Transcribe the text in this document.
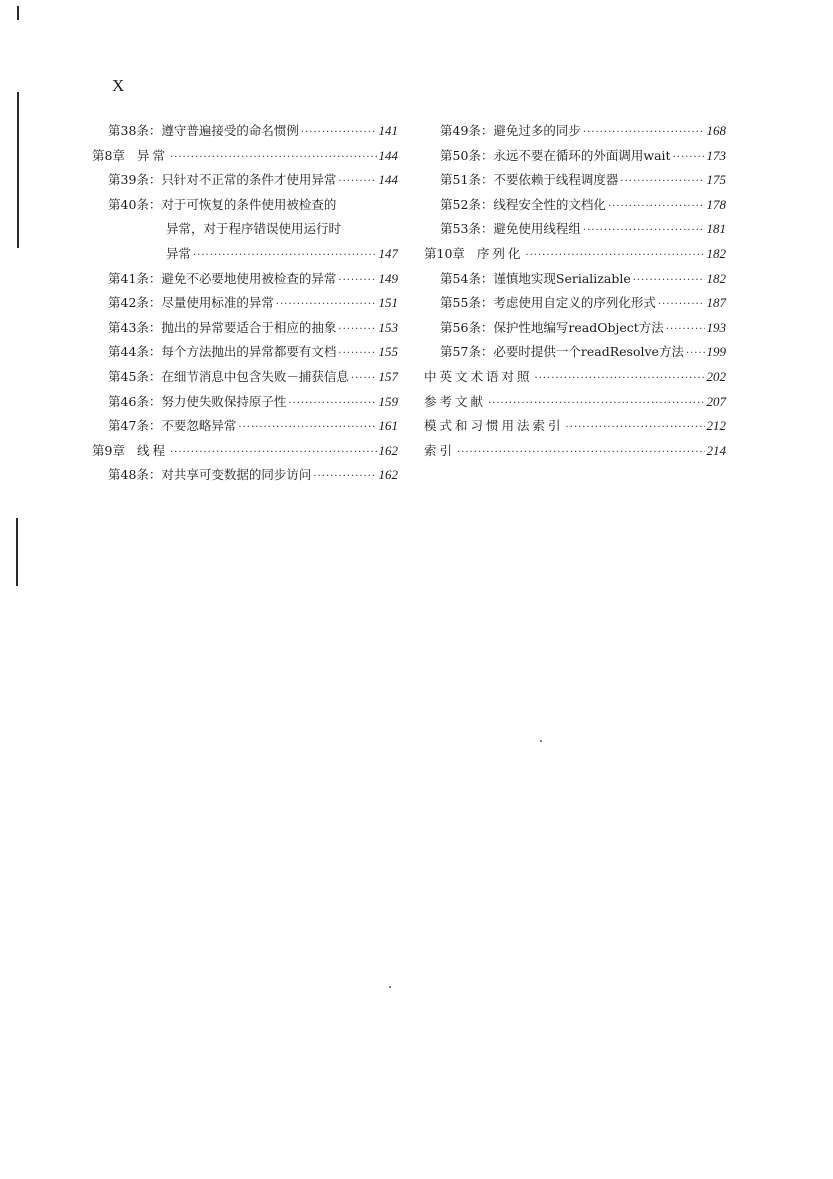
X
第38条： 遵守普遍接受的命名惯例 ·····	141
第8章 异常 ·····	144
第39条： 只针对不正常的条件才使用异常 ·····	144
第40条： 对于可恢复的条件使用被检查的
异常，对于程序错误使用运行时
异常 ·····	147
第41条： 避免不必要地使用被检查的异常 ·····	149
第42条： 尽量使用标准的异常 ·····	151
第43条： 抛出的异常要适合于相应的抽象 ·····	153
第44条： 每个方法抛出的异常都要有文档 ·····	155
第45条： 在细节消息中包含失败－捕获信息 ····· 157
第46条： 努力使失败保持原子性 ·····	159
第47条： 不要忽略异常 ·····	161
第9章 线程 ·····	162
第48条： 对共享可变数据的同步访问 ·····	162
第49条： 避免过多的同步 ·····	168
第50条： 永远不要在循环的外面调用wait ·····	173
第51条： 不要依赖于线程调度器 ·····	175
第52条： 线程安全性的文档化 ·····	178
第53条： 避免使用线程组 ·····	181
第10章 序列化 ·····	182
第54条： 谨慎地实现Serializable ·····	182
第55条： 考虑使用自定义的序列化形式 ·····	187
第56条： 保护性地编写readObject方法 ·····	193
第57条： 必要时提供一个readResolve方法 ····· 199
中英文术语对照 ·····	202
参考文献 ·····	207
模式和习惯用法索引 ·····	212
索引 ·····	214
